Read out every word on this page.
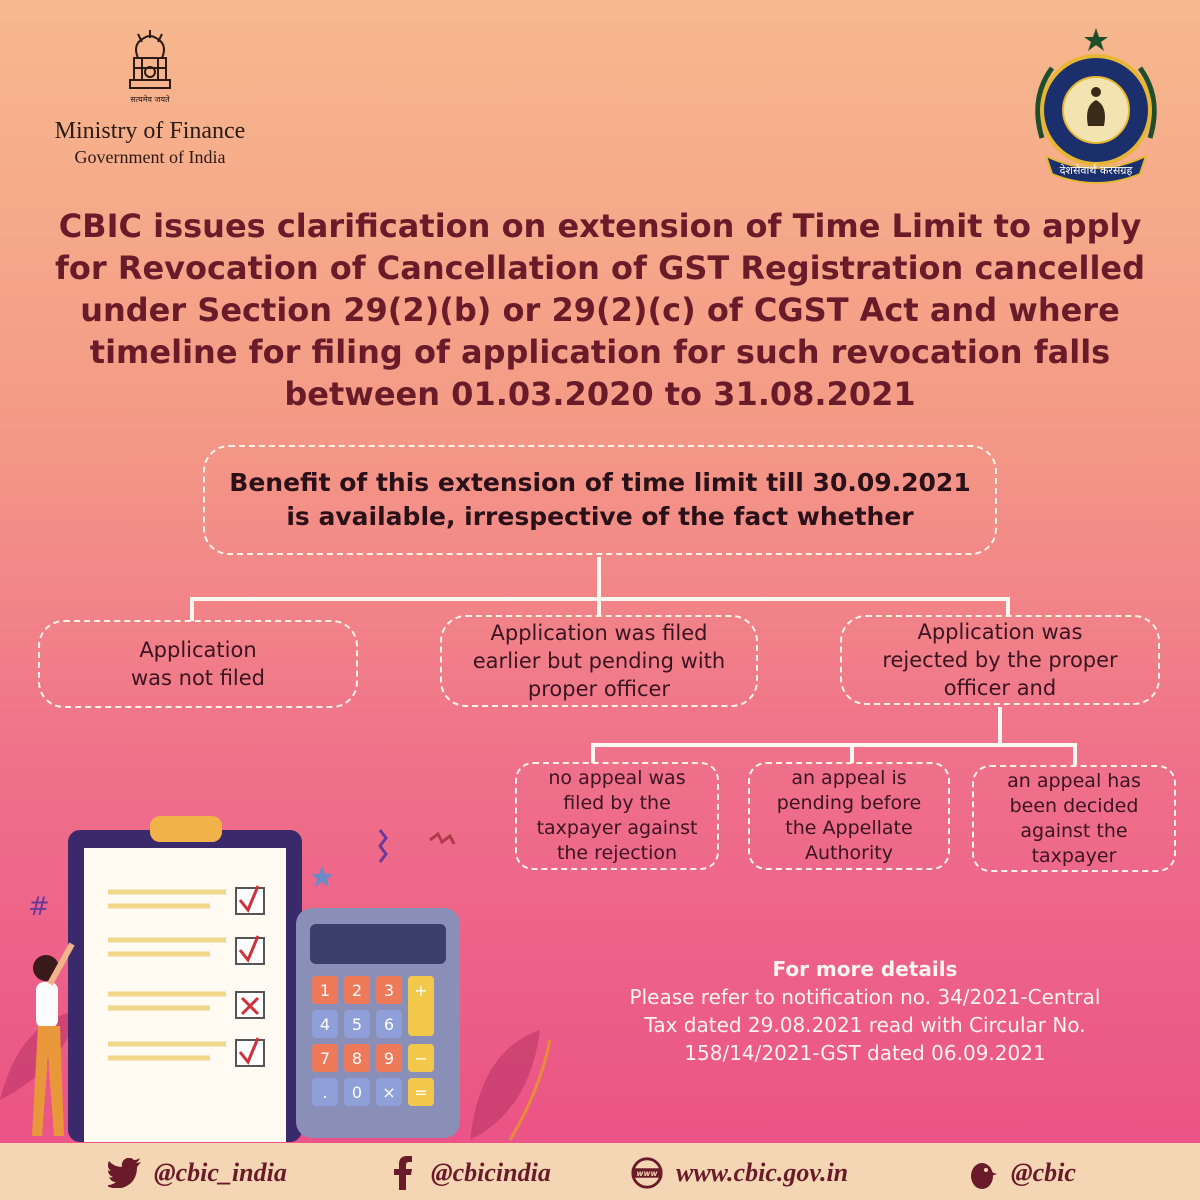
सत्यमेव जयते
Ministry of Finance
Government of India
देशसेवार्थ करसंग्रह
CBIC issues clarification on extension of Time Limit to apply
for Revocation of Cancellation of GST Registration cancelled
under Section 29(2)(b) or 29(2)(c) of CGST Act and where
timeline for filing of application for such revocation falls
between 01.03.2020 to 31.08.2021
Benefit of this extension of time limit till 30.09.2021
is available, irrespective of the fact whether
Application
was not filed
Application was filed
earlier but pending with
proper officer
Application was
rejected by the proper
officer and
no appeal was
filed by the
taxpayer against
the rejection
an appeal is
pending before
the Appellate
Authority
an appeal has
been decided
against the
taxpayer
#
1 2 3 +
4 5 6
7 8 9 −
. 0 × =
For more details
Please refer to notification no. 34/2021-Central
Tax dated 29.08.2021 read with Circular No.
158/14/2021-GST dated 06.09.2021
@cbic_india	@cbicindia	www www.cbic.gov.in	@cbic
